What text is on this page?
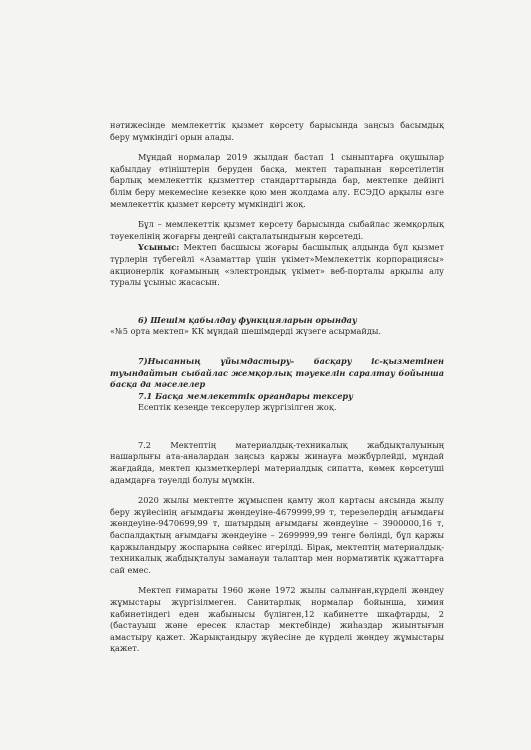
нәтижесінде мемлекеттік қызмет көрсету барысында заңсыз басымдық беру мүмкіндігі орын алады.

Мұндай нормалар 2019 жылдан бастап 1 сыныптарға оқушылар қабылдау өтініштерін беруден басқа, мектеп тарапынан көрсетілетін барлық мемлекеттік қызметтер стандарттарында бар, мектепке дейінгі білім беру мекемесіне кезекке қою мен жолдама алу. ЕСЭДО арқылы өзге мемлекеттік қызмет көрсету мүмкіндігі жоқ.

Бұл – мемлекеттік қызмет көрсету барысында сыбайлас жемқорлық тәуекелінің жоғарғы деңгейі сақталатындығын көрсетеді.

Ұсыныс: Мектеп басшысы жоғары басшылық алдында бұл қызмет түрлерін түбегейлі «Азаматтар үшін үкімет»Мемлекеттік корпорациясы» акционерлік қоғамының «электрондық үкімет» веб-порталы арқылы алу туралы ұсыныс жасасын.

6) Шешім қабылдау функцияларын орындау

«№5 орта мектеп» КК мұндай шешімдерді жүзеге асырмайды.

7)Ныcанның ұйымдастыру- басқару іс-қызметінен туындайтын сыбайлас жемқорлық тәуекелін саралтау бойынша басқа да мәселелер

7.1 Басқа мемлекеттік органдары тексеру

Есептік кезеңде тексерулер жүргізілген жоқ.

7.2 Мектептің материалдық-техникалық жабдықталуының нашарлығы ата-аналардан заңсыз қаржы жинауға мәжбүрлейді, мұндай жағдайда, мектеп қызметкерлері материалдық сипатта, көмек көрсетуші адамдарға тәуелді болуы мүмкін.

2020 жылы мектепте жұмыспен қамту жол картасы аясында жылу беру жүйесінің ағымдағы жөндеуіне-4679999,99 т, терезелердің ағымдағы жөндеуіне-9470699,99 т, шатырдың ағымдағы жөндеуіне – 3900000,16 т, баспалдақтың ағымдағы жөндеуіне – 2699999,99 тенге бөлінді, бұл қаржы қаржыландыру жоспарына сәйкес игерілді. Бірақ, мектептің материалдық-техникалық жабдықталуы заманауи талаптар мен нормативтік құжаттарға сай емес.

Мектеп ғимараты 1960 және 1972 жылы салынған,күрделі жөндеу жұмыстары жүргізілмеген. Санитарлық нормалар бойынша, химия кабинетіндегі еден жабынысы бүлінген,12 кабинетте шкафтарды, 2 (бастауыш және ересек кластар мектебінде) жиһаздар жиынтығын амастыру қажет. Жарықтандыру жүйесіне де күрделі жөндеу жұмыстары қажет.
